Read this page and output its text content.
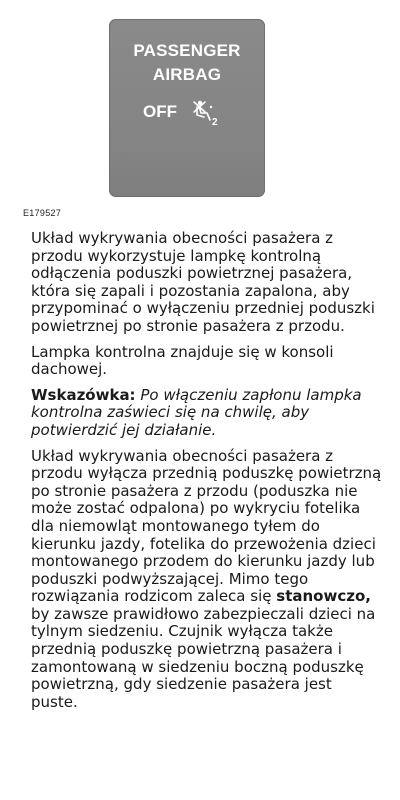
PASSENGER
AIRBAG
OFF
2
E179527

Układ wykrywania obecności pasażera z przodu wykorzystuje lampkę kontrolną odłączenia poduszki powietrznej pasażera, która się zapali i pozostania zapalona, aby przypominać o wyłączeniu przedniej poduszki powietrznej po stronie pasażera z przodu.

Lampka kontrolna znajduje się w konsoli dachowej.

Wskazówka: Po włączeniu zapłonu lampka kontrolna zaświeci się na chwilę, aby potwierdzić jej działanie.

Układ wykrywania obecności pasażera z przodu wyłącza przednią poduszkę powietrzną po stronie pasażera z przodu (poduszka nie może zostać odpalona) po wykryciu fotelika dla niemowląt montowanego tyłem do kierunku jazdy, fotelika do przewożenia dzieci montowanego przodem do kierunku jazdy lub poduszki podwyższającej. Mimo tego rozwiązania rodzicom zaleca się stanowczo, by zawsze prawidłowo zabezpieczali dzieci na tylnym siedzeniu. Czujnik wyłącza także przednią poduszkę powietrzną pasażera i zamontowaną w siedzeniu boczną poduszkę powietrzną, gdy siedzenie pasażera jest puste.
